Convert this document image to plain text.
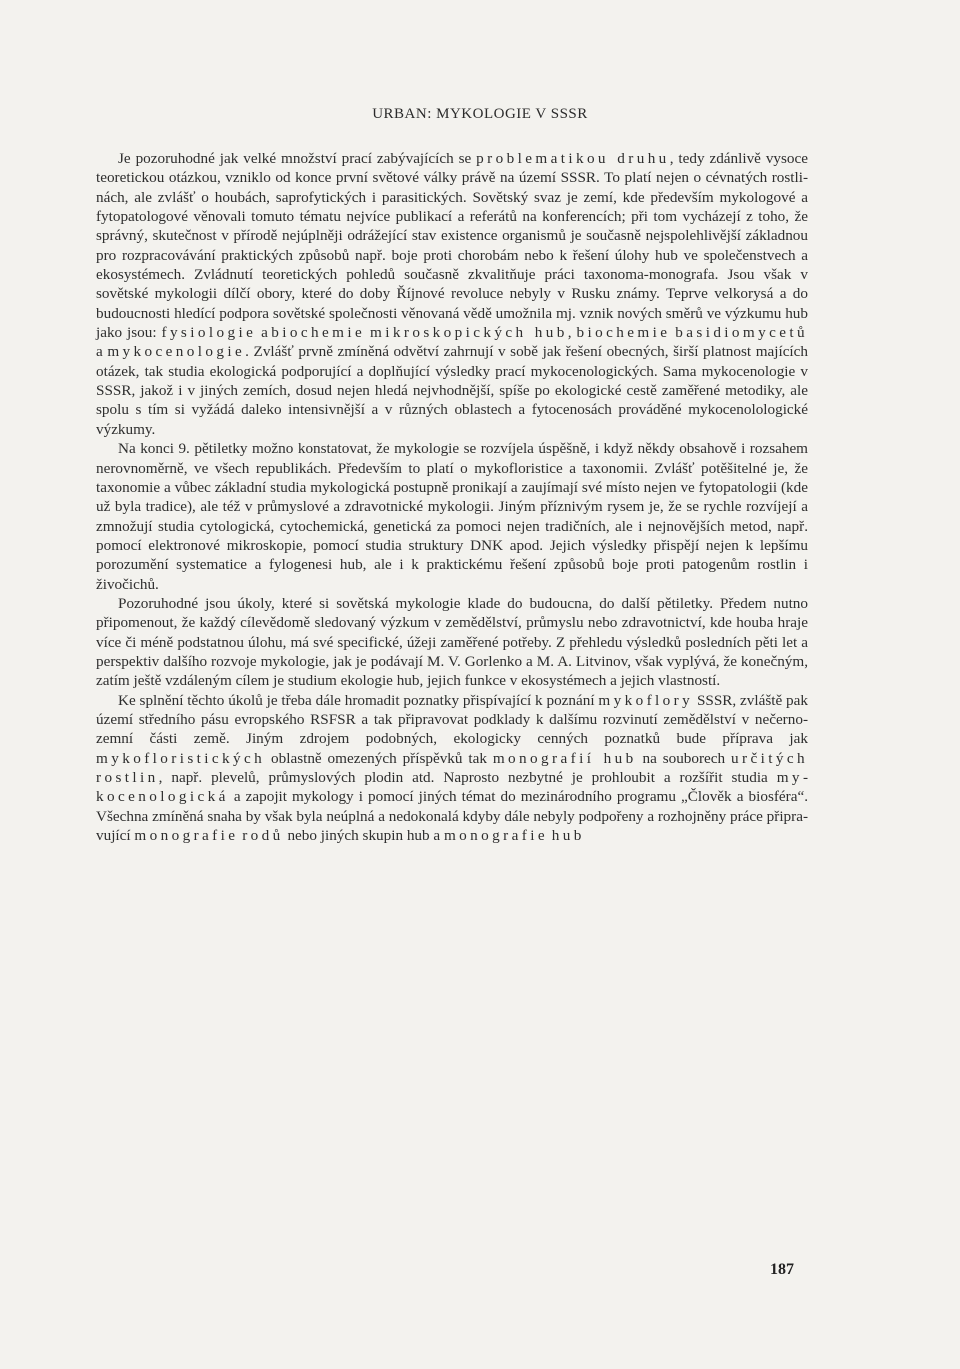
URBAN: MYKOLOGIE V SSSR

Je pozoruhodné jak velké množství prací zabývajících se problematikou druhu, tedy zdánlivě vysoce teoretickou otázkou, vzniklo od konce první světové války právě na území SSSR. To platí nejen o cévnatých rostlinách, ale zvlášť o houbách, saprofytických i parasitických. Sovětský svaz je zemí, kde především mykologové a fytopatologové věnovali tomuto tématu nejvíce publikací a referátů na konferencích; při tom vycházejí z toho, že správný, skutečnost v přírodě nejúplněji odrážející stav existence organismů je současně nejspolehlivější základnou pro rozpracovávání praktických způsobů např. boje proti chorobám nebo k řešení úlohy hub ve společenstvech a ekosystémech. Zvládnutí teoretických pohledů současně zkvalitňuje práci taxonoma-monografa. Jsou však v sovětské mykologii dílčí obory, které do doby Říjnové revoluce nebyly v Rusku známy. Teprve velkorysá a do budoucnosti hledící podpora sovětské společnosti věnovaná vědě umožnila mj. vznik nových směrů ve výzkumu hub jako jsou: fysiologie abiochemie mikroskopických hub, biochemie basidiomycetů a mykocenologie. Zvlášť prvně zmíněná odvětví zahrnují v sobě jak řešení obecných, širší platnost majících otázek, tak studia ekologická podporující a doplňující výsledky prací mykocenologických. Sama mykocenologie v SSSR, jakož i v jiných zemích, dosud nejen hledá nejvhodnější, spíše po ekologické cestě zaměřené metodiky, ale spolu s tím si vyžádá daleko intensivnější a v různých oblastech a fytocenosách prováděné mykocenolologické výzkumy.

Na konci 9. pětiletky možno konstatovat, že mykologie se rozvíjela úspěšně, i když někdy obsahově i rozsahem nerovnoměrně, ve všech republikách. Především to platí o mykofloristice a taxonomii. Zvlášť potěšitelné je, že taxonomie a vůbec základní studia mykologická postupně pronikají a zaujímají své místo nejen ve fytopatologii (kde už byla tradice), ale též v průmyslové a zdravotnické mykologii. Jiným příznivým rysem je, že se rychle rozvíjejí a zmnožují studia cytologická, cytochemická, genetická za pomoci nejen tradičních, ale i nejnovějších metod, např. pomocí elektronové mikroskopie, pomocí studia struktury DNK apod. Jejich výsledky přispějí nejen k lepšímu porozumění systematice a fylogenesi hub, ale i k praktickému řešení způsobů boje proti patogenům rostlin i živočichů.

Pozoruhodné jsou úkoly, které si sovětská mykologie klade do budoucna, do další pětiletky. Předem nutno připomenout, že každý cílevědomě sledovaný výzkum v zemědělství, průmyslu nebo zdravotnictví, kde houba hraje více či méně podstatnou úlohu, má své specifické, úžeji zaměřené potřeby. Z přehledu výsledků posledních pěti let a perspektiv dalšího rozvoje mykologie, jak je podávají M. V. Gorlenko a M. A. Litvinov, však vyplývá, že konečným, zatím ještě vzdáleným cílem je studium ekologie hub, jejich funkce v ekosystémech a jejich vlastností.

Ke splnění těchto úkolů je třeba dále hromadit poznatky přispívající k poznání mykoflory SSSR, zvláště pak území středního pásu evropského RSFSR a tak připravovat podklady k dalšímu rozvinutí zemědělství v nečernozemní části země. Jiným zdrojem podobných, ekologicky cenných poznatků bude příprava jak mykofloristických oblastně omezených příspěvků tak monografií hub na souborech určitých rostlin, např. plevelů, průmyslových plodin atd. Naprosto nezbytné je prohloubit a rozšířit studia mykocenologická a zapojit mykology i pomocí jiných témat do mezinárodního programu „Člověk a biosféra“. Všechna zmíněná snaha by však byla neúplná a nedokonalá kdyby dále nebyly podpořeny a rozhojněny práce připravující monografie rodů nebo jiných skupin hub a monografie hub

187
